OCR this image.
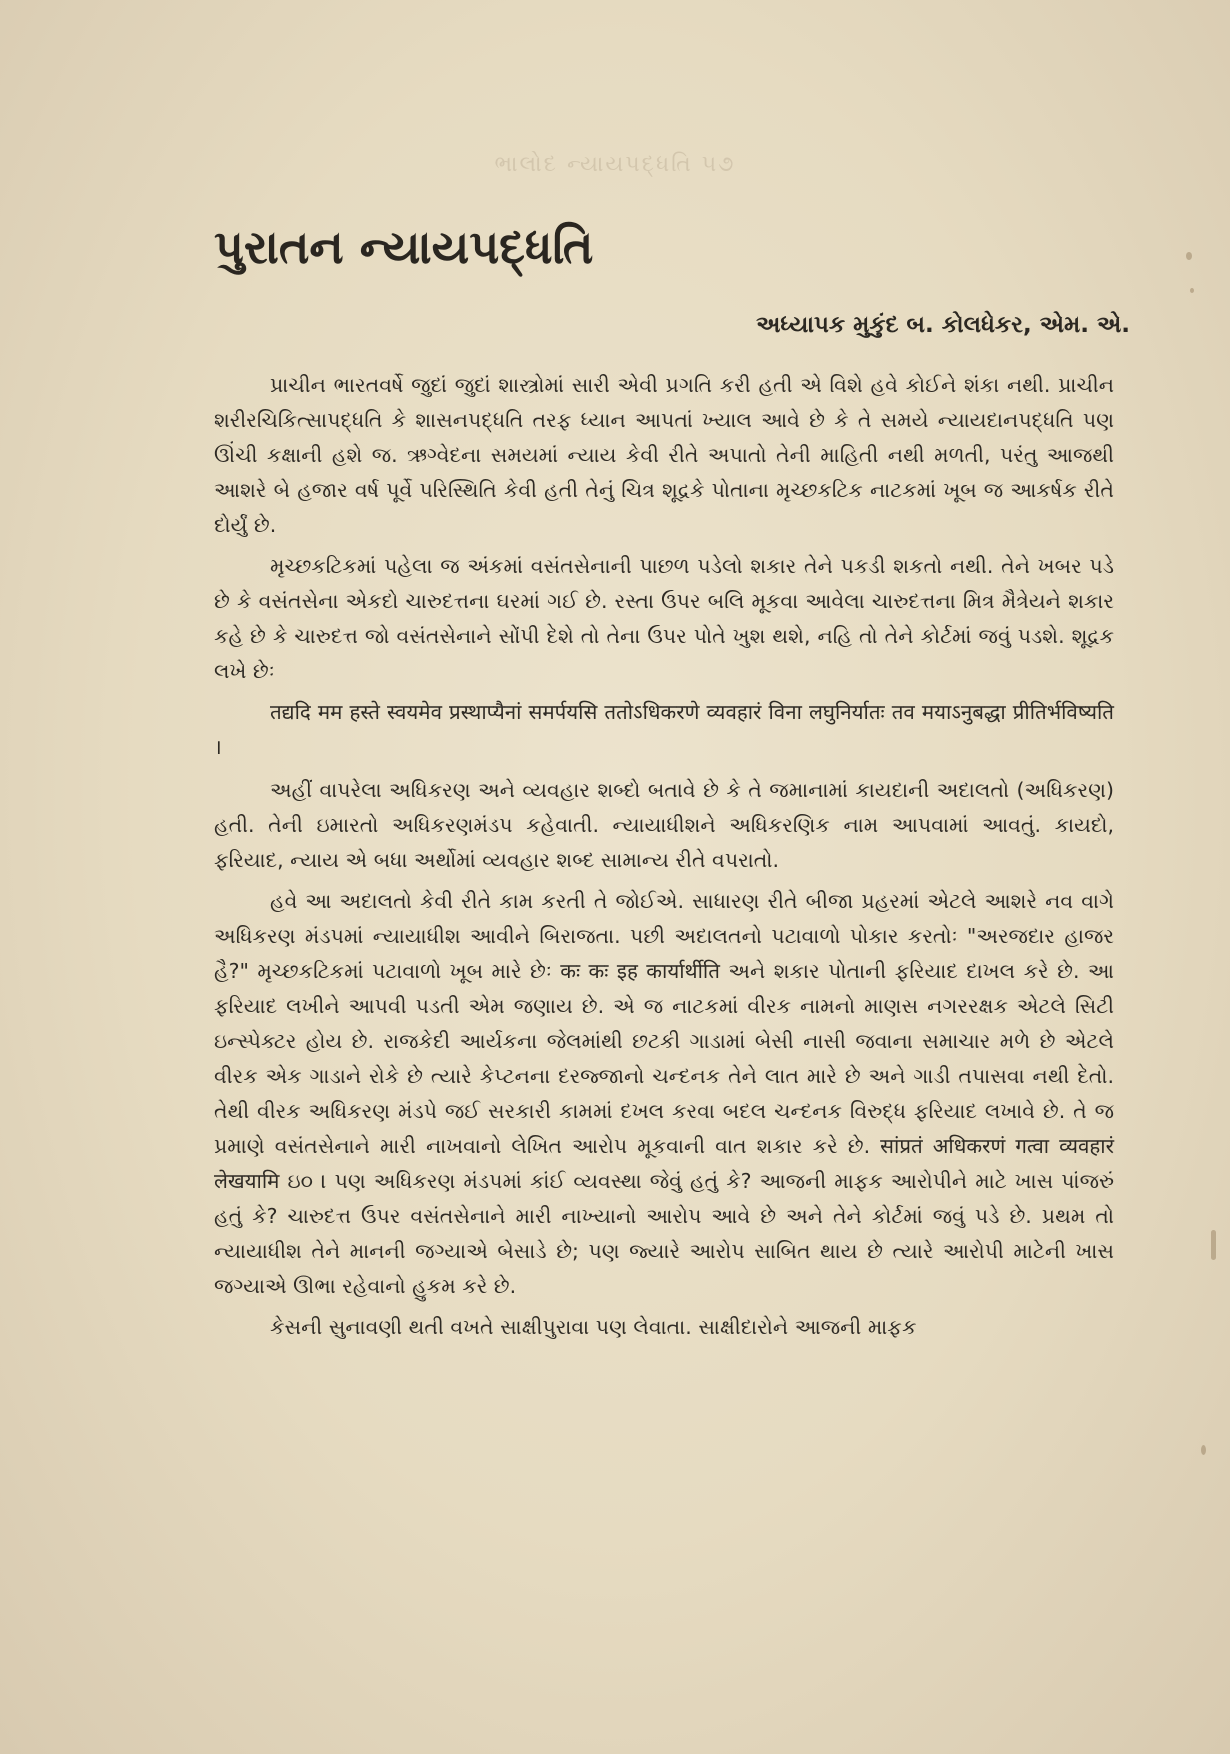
ભાલોદ ન્યાયપદ્ધતિ ૫૭
પુરાતન ન્યાયપદ્ધતિ
અધ્યાપક મુકુંદ બ. કોલધેકર, એમ. એ.

પ્રાચીન ભારતવર્ષે જુદાં જુદાં શાસ્ત્રોમાં સારી એવી પ્રગતિ કરી હતી એ વિશે હવે કોઈને શંકા નથી. પ્રાચીન શરીરચિકિત્સાપદ્ધતિ કે શાસનપદ્ધતિ તરફ ધ્યાન આપતાં ખ્યાલ આવે છે કે તે સમયે ન્યાયદાનપદ્ધતિ પણ ઊંચી કક્ષાની હશે જ. ઋગ્વેદના સમયમાં ન્યાય કેવી રીતે અપાતો તેની માહિતી નથી મળતી, પરંતુ આજથી આશરે બે હજાર વર્ષ પૂર્વે પરિસ્થિતિ કેવી હતી તેનું ચિત્ર શૂદ્રકે પોતાના મૃચ્છકટિક નાટકમાં ખૂબ જ આકર્ષક રીતે દોર્યું છે.

મૃચ્છકટિકમાં પહેલા જ અંકમાં વસંતસેનાની પાછળ પડેલો શકાર તેને પકડી શકતો નથી. તેને ખબર પડે છે કે વસંતસેના એકદો ચારુદત્તના ઘરમાં ગઈ છે. રસ્તા ઉપર બલિ મૂકવા આવેલા ચારુદત્તના મિત્ર મૈત્રેયને શકાર કહે છે કે ચારુદત્ત જો વસંતસેનાને સોંપી દેશે તો તેના ઉપર પોતે ખુશ થશે, નહિ તો તેને કોર્ટમાં જવું પડશે. શૂદ્રક લખે છેઃ

तद्यदि मम हस्ते स्वयमेव प्रस्थाप्यैनां समर्पयसि ततोऽधिकरणे व्यवहारं विना लघुनिर्यातः तव मयाऽनुबद्धा प्रीतिर्भविष्यति ।

અહીં વાપરેલા અધિકરણ અને વ્યવહાર શબ્દો બતાવે છે કે તે જમાનામાં કાયદાની અદાલતો (અધિકરણ) હતી. તેની ઇમારતો અધિકરણમંડપ કહેવાતી. ન્યાયાધીશને અધિકરણિક નામ આપવામાં આવતું. કાયદો, ફરિયાદ, ન્યાય એ બધા અર્થોમાં વ્યવહાર શબ્દ સામાન્ય રીતે વપરાતો.

હવે આ અદાલતો કેવી રીતે કામ કરતી તે જોઈએ. સાધારણ રીતે બીજા પ્રહરમાં એટલે આશરે નવ વાગે અધિકરણ મંડપમાં ન્યાયાધીશ આવીને બિરાજતા. પછી અદાલતનો પટાવાળો પોકાર કરતોઃ "અરજદાર હાજર હૈ?" મૃચ્છકટિકમાં પટાવાળો ખૂબ મારે છેઃ कः कः इह कार्यार्थीति અને શકાર પોતાની ફરિયાદ દાખલ કરે છે. આ ફરિયાદ લખીને આપવી પડતી એમ જણાય છે. એ જ નાટકમાં વીરક નામનો માણસ નગરરક્ષક એટલે સિટી ઇન્સ્પેક્ટર હોય છે. રાજકેદી આર્યકના જેલમાંથી છટકી ગાડામાં બેસી નાસી જવાના સમાચાર મળે છે એટલે વીરક એક ગાડાને રોકે છે ત્યારે કેપ્ટનના દરજ્જાનો ચન્દનક તેને લાત મારે છે અને ગાડી તપાસવા નથી દેતો. તેથી વીરક અધિકરણ મંડપે જઈ સરકારી કામમાં દખલ કરવા બદલ ચન્દનક વિરુદ્ધ ફરિયાદ લખાવે છે. તે જ પ્રમાણે વસંતસેનાને મારી નાખવાનો લેખિત આરોપ મૂકવાની વાત શકાર કરે છે. सांप्रतं अधिकरणं गत्वा व्यवहारं लेखयामि ઇ૦ । પણ અધિકરણ મંડપમાં કાંઈ વ્યવસ્થા જેવું હતું કે? આજની માફક આરોપીને માટે ખાસ પાંજરું હતું કે? ચારુદત્ત ઉપર વસંતસેનાને મારી નાખ્યાનો આરોપ આવે છે અને તેને કોર્ટમાં જવું પડે છે. પ્રથમ તો ન્યાયાધીશ તેને માનની જગ્યાએ બેસાડે છે; પણ જ્યારે આરોપ સાબિત થાય છે ત્યારે આરોપી માટેની ખાસ જગ્યાએ ઊભા રહેવાનો હુકમ કરે છે.

કેસની સુનાવણી થતી વખતે સાક્ષીપુરાવા પણ લેવાતા. સાક્ષીદારોને આજની માફક
